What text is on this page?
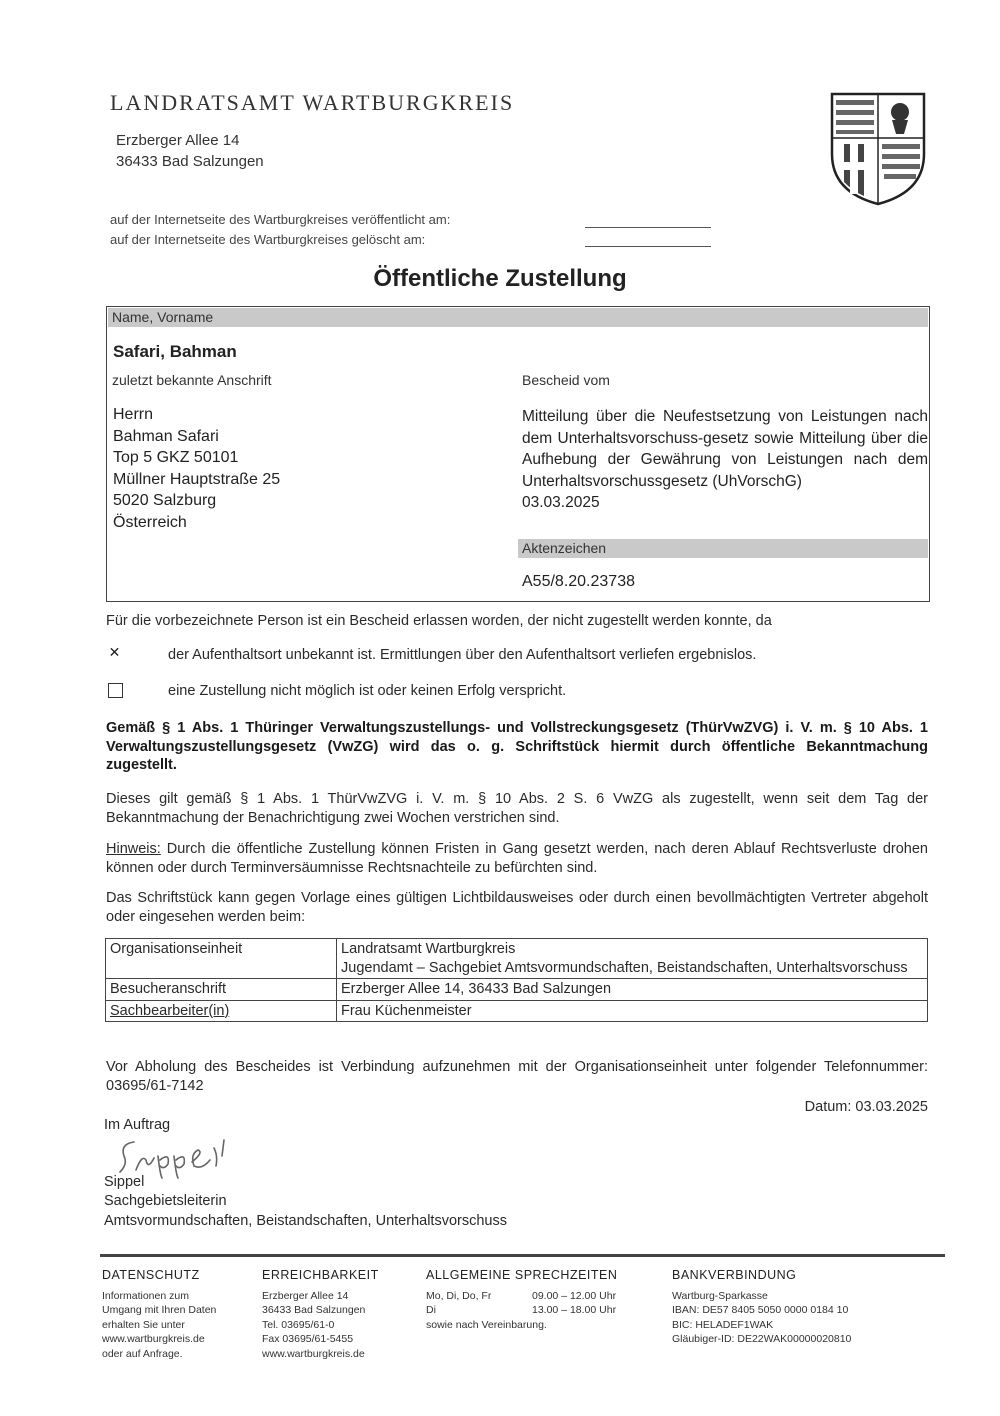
LANDRATSAMT WARTBURGKREIS
Erzberger Allee 14
36433 Bad Salzungen
auf der Internetseite des Wartburgkreises veröffentlicht am:
auf der Internetseite des Wartburgkreises gelöscht am:
Öffentliche Zustellung
Name, Vorname
Safari, Bahman
zuletzt bekannte Anschrift	Bescheid vom
Herrn
Bahman Safari
Top 5 GKZ 50101
Müllner Hauptstraße 25
5020 Salzburg
Österreich
Mitteilung über die Neufestsetzung von Leistungen nach dem Unterhaltsvorschuss-gesetz sowie Mitteilung über die Aufhebung der Gewährung von Leistungen nach dem Unterhaltsvorschussgesetz (UhVorschG)
03.03.2025
Aktenzeichen
A55/8.20.23738
Für die vorbezeichnete Person ist ein Bescheid erlassen worden, der nicht zugestellt werden konnte, da
✕	der Aufenthaltsort unbekannt ist. Ermittlungen über den Aufenthaltsort verliefen ergebnislos.
eine Zustellung nicht möglich ist oder keinen Erfolg verspricht.
Gemäß § 1 Abs. 1 Thüringer Verwaltungszustellungs- und Vollstreckungsgesetz (ThürVwZVG) i. V. m. § 10 Abs. 1 Verwaltungszustellungsgesetz (VwZG) wird das o. g. Schriftstück hiermit durch öffentliche Bekanntmachung zugestellt.
Dieses gilt gemäß § 1 Abs. 1 ThürVwZVG i. V. m. § 10 Abs. 2 S. 6 VwZG als zugestellt, wenn seit dem Tag der Bekanntmachung der Benachrichtigung zwei Wochen verstrichen sind.
Hinweis: Durch die öffentliche Zustellung können Fristen in Gang gesetzt werden, nach deren Ablauf Rechtsverluste drohen können oder durch Terminversäumnisse Rechtsnachteile zu befürchten sind.
Das Schriftstück kann gegen Vorlage eines gültigen Lichtbildausweises oder durch einen bevollmächtigten Vertreter abgeholt oder eingesehen werden beim:
Organisationseinheit	Landratsamt Wartburgkreis
Jugendamt – Sachgebiet Amtsvormundschaften, Beistandschaften, Unterhaltsvorschuss

Besucheranschrift	Erzberger Allee 14, 36433 Bad Salzungen
Sachbearbeiter(in)	Frau Küchenmeister
Vor Abholung des Bescheides ist Verbindung aufzunehmen mit der Organisationseinheit unter folgender Telefonnummer: 03695/61-7142
Datum: 03.03.2025
Im Auftrag
Sippel
Sachgebietsleiterin
Amtsvormundschaften, Beistandschaften, Unterhaltsvorschuss
DATENSCHUTZ
Informationen zum
Umgang mit Ihren Daten
erhalten Sie unter
www.wartburgkreis.de
oder auf Anfrage.
ERREICHBARKEIT
Erzberger Allee 14
36433 Bad Salzungen
Tel. 03695/61-0
Fax 03695/61-5455
www.wartburgkreis.de
ALLGEMEINE SPRECHZEITEN
Mo, Di, Do, Fr	09.00 – 12.00 Uhr
Di	13.00 – 18.00 Uhr
sowie nach Vereinbarung.
BANKVERBINDUNG
Wartburg-Sparkasse
IBAN: DE57 8405 5050 0000 0184 10
BIC: HELADEF1WAK
Gläubiger-ID: DE22WAK00000020810
